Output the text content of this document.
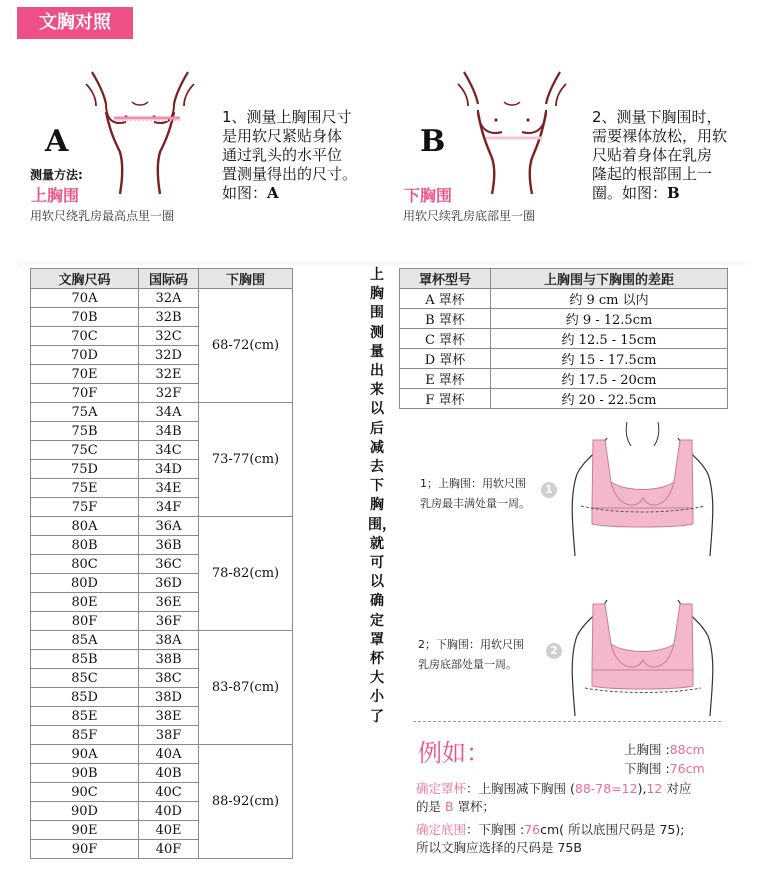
文胸对照
A
测量方法:
上胸围
用软尺绕乳房最高点里一圈
1、测量上胸围尺寸
是用软尺紧贴身体
通过乳头的水平位
置测量得出的尺寸。
如图：A
B
下胸围
用软尺续乳房底部里一圈
2、测量下胸围时，
需要裸体放松，用软
尺贴着身体在乳房
隆起的根部围上一
圈。如图：B
文胸尺码	国际码	下胸围
70A	32A	68-72(cm)
70B	32B	
70C	32C	
70D	32D	
70E	32E	
70F	32F	
75A	34A	73-77(cm)
75B	34B	
75C	34C	
75D	34D	
75E	34E	
75F	34F	
80A	36A	78-82(cm)
80B	36B	
80C	36C	
80D	36D	
80E	36E	
80F	36F	
85A	38A	83-87(cm)
85B	38B	
85C	38C	
85D	38D	
85E	38E	
85F	38F	
90A	40A	88-92(cm)
90B	40B	
90C	40C	
90D	40D	
90E	40E	
90F	40F	
上胸围测量出来以后减去下胸围，就可以确定罩杯大小了
罩杯型号	上胸围与下胸围的差距
A 罩杯	约 9 cm 以内
B 罩杯	约 9 - 12.5cm
C 罩杯	约 12.5 - 15cm
D 罩杯	约 15 - 17.5cm
E 罩杯	约 17.5 - 20cm
F 罩杯	约 20 - 22.5cm
1
1；上胸围：用软尺围
乳房最丰满处量一周。
2
2；下胸围：用软尺围
乳房底部处量一周。
例如：	上胸围 :88cm
下胸围 :76cm
确定罩杯：上胸围减下胸围 (88-78=12),12 对应
的是 B 罩杯；
确定底围：下胸围 :76cm( 所以底围尺码是 75);
所以文胸应选择的尺码是 75B
